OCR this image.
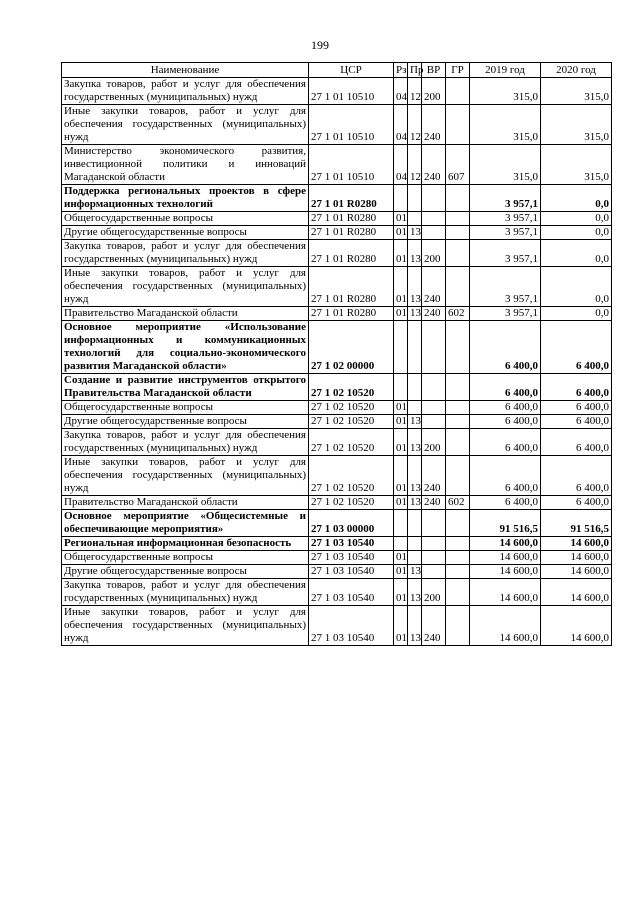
199
Наименование	ЦСР	Рз	Пр	ВР	ГР	2019 год	2020 год
Закупка товаров, работ и услуг для обеспечения государственных (муниципальных) нужд	27 1 01 10510	04	12	200		315,0	315,0
Иные закупки товаров, работ и услуг для обеспечения государственных (муниципальных) нужд	27 1 01 10510	04	12	240		315,0	315,0
Министерство экономического развития, инвестиционной политики и инноваций Магаданской области	27 1 01 10510	04	12	240	607	315,0	315,0
Поддержка региональных проектов в сфере информационных технологий	27 1 01 R0280					3 957,1	0,0
Общегосударственные вопросы	27 1 01 R0280	01				3 957,1	0,0
Другие общегосударственные вопросы	27 1 01 R0280	01	13			3 957,1	0,0
Закупка товаров, работ и услуг для обеспечения государственных (муниципальных) нужд	27 1 01 R0280	01	13	200		3 957,1	0,0
Иные закупки товаров, работ и услуг для обеспечения государственных (муниципальных) нужд	27 1 01 R0280	01	13	240		3 957,1	0,0
Правительство Магаданской области	27 1 01 R0280	01	13	240	602	3 957,1	0,0
Основное мероприятие «Использование информационных и коммуникационных технологий для социально-экономического развития Магаданской области»	27 1 02 00000					6 400,0	6 400,0
Создание и развитие инструментов открытого Правительства Магаданской области	27 1 02 10520					6 400,0	6 400,0
Общегосударственные вопросы	27 1 02 10520	01				6 400,0	6 400,0
Другие общегосударственные вопросы	27 1 02 10520	01	13			6 400,0	6 400,0
Закупка товаров, работ и услуг для обеспечения государственных (муниципальных) нужд	27 1 02 10520	01	13	200		6 400,0	6 400,0
Иные закупки товаров, работ и услуг для обеспечения государственных (муниципальных) нужд	27 1 02 10520	01	13	240		6 400,0	6 400,0
Правительство Магаданской области	27 1 02 10520	01	13	240	602	6 400,0	6 400,0
Основное мероприятие «Общесистемные и обеспечивающие мероприятия»	27 1 03 00000					91 516,5	91 516,5
Региональная информационная безопасность	27 1 03 10540					14 600,0	14 600,0
Общегосударственные вопросы	27 1 03 10540	01				14 600,0	14 600,0
Другие общегосударственные вопросы	27 1 03 10540	01	13			14 600,0	14 600,0
Закупка товаров, работ и услуг для обеспечения государственных (муниципальных) нужд	27 1 03 10540	01	13	200		14 600,0	14 600,0
Иные закупки товаров, работ и услуг для обеспечения государственных (муниципальных) нужд	27 1 03 10540	01	13	240		14 600,0	14 600,0
